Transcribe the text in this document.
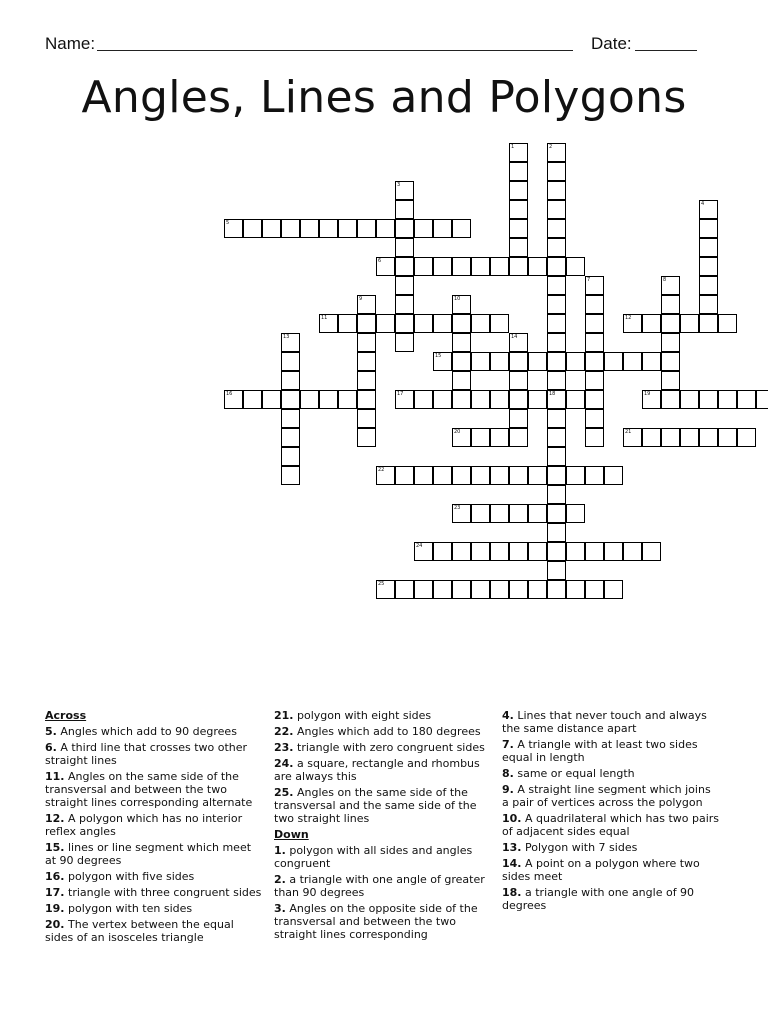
Name:	Date:
Angles, Lines and Polygons
5
6
11	12
15
16	17	18	19
20	21
22
23
24
25
1	2
3
4
7	8
9	10
13	14
Across
5. Angles which add to 90 degrees
6. A third line that crosses two other straight lines
11. Angles on the same side of the transversal and between the two straight lines corresponding alternate
12. A polygon which has no interior reflex angles
15. lines or line segment which meet at 90 degrees
16. polygon with five sides
17. triangle with three congruent sides
19. polygon with ten sides
20. The vertex between the equal sides of an isosceles triangle
21. polygon with eight sides
22. Angles which add to 180 degrees
23. triangle with zero congruent sides
24. a square, rectangle and rhombus are always this
25. Angles on the same side of the transversal and the same side of the two straight lines
Down
1. polygon with all sides and angles congruent
2. a triangle with one angle of greater than 90 degrees
3. Angles on the opposite side of the transversal and between the two straight lines corresponding
4. Lines that never touch and always the same distance apart
7. A triangle with at least two sides equal in length
8. same or equal length
9. A straight line segment which joins a pair of vertices across the polygon
10. A quadrilateral which has two pairs of adjacent sides equal
13. Polygon with 7 sides
14. A point on a polygon where two sides meet
18. a triangle with one angle of 90 degrees
